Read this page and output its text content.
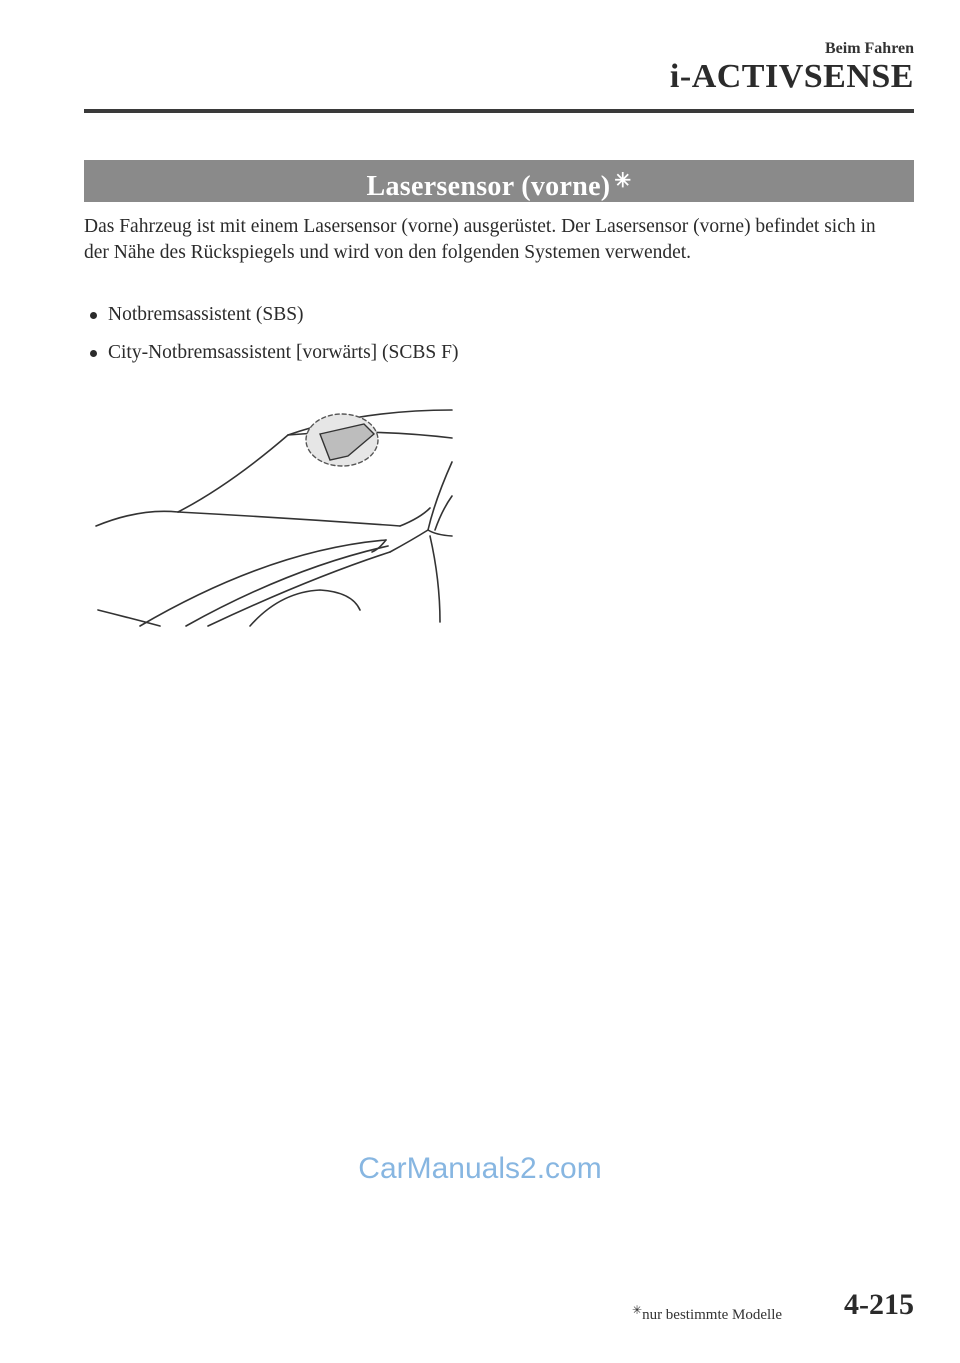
Beim Fahren
i-ACTIVSENSE
Lasersensor (vorne) ✳
Das Fahrzeug ist mit einem Lasersensor (vorne) ausgerüstet. Der Lasersensor (vorne) befindet sich in der Nähe des Rückspiegels und wird von den folgenden Systemen verwendet.
Notbremsassistent (SBS)
City-Notbremsassistent [vorwärts] (SCBS F)
CarManuals2.com
✳nur bestimmte Modelle 4-215
